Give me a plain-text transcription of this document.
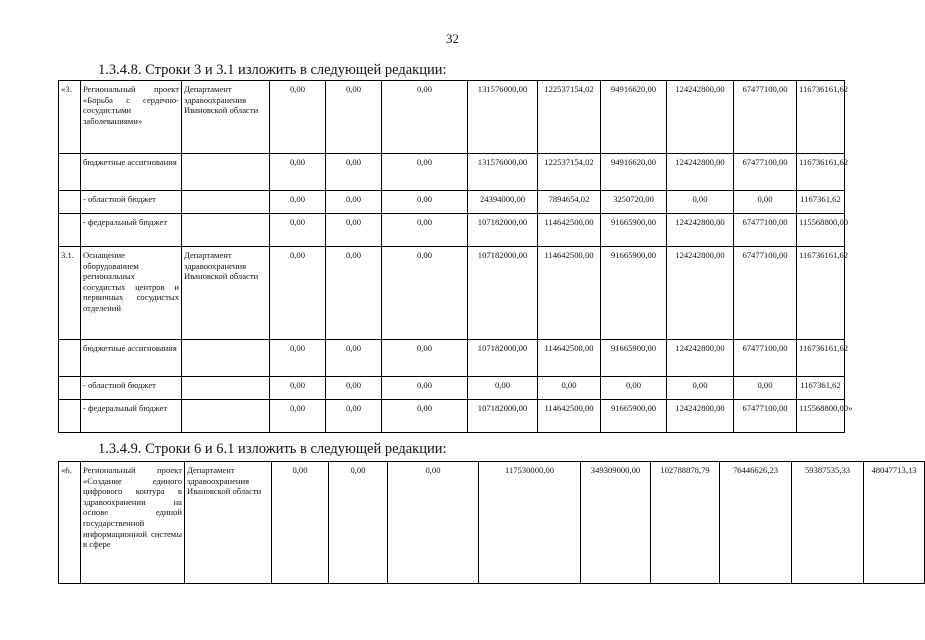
32
1.3.4.8. Строки 3 и 3.1 изложить в следующей редакции:
«3.	Региональный проект «Борьба с сердечно-сосудистыми заболеваниями»	Департамент здравоохранения Ивановской области	0,00	0,00	0,00	131576000,00	122537154,02	94916620,00	124242800,00	67477100,00	116736161,62
	бюджетные ассигнования		0,00	0,00	0,00	131576000,00	122537154,02	94916620,00	124242800,00	67477100,00	116736161,62
	- областной бюджет		0,00	0,00	0,00	24394000,00	7894654,02	3250720,00	0,00	0,00	1167361,62
	- федеральный бюджет		0,00	0,00	0,00	107182000,00	114642500,00	91665900,00	124242800,00	67477100,00	115568800,00
3.1.	Оснащение оборудованием региональных сосудистых центров и первичных сосудистых отделений	Департамент здравоохранения Ивановской области	0,00	0,00	0,00	107182000,00	114642500,00	91665900,00	124242800,00	67477100,00	116736161,62
	бюджетные ассигнования		0,00	0,00	0,00	107182000,00	114642500,00	91665900,00	124242800,00	67477100,00	116736161,62
	- областной бюджет		0,00	0,00	0,00	0,00	0,00	0,00	0,00	0,00	1167361,62
	- федеральный бюджет		0,00	0,00	0,00	107182000,00	114642500,00	91665900,00	124242800,00	67477100,00	115568800,00»
1.3.4.9. Строки 6 и 6.1 изложить в следующей редакции:
«6.	Региональный проект «Создание единого цифрового контура в здравоохранении на основе единой государственной информационной системы в сфере	Департамент здравоохранения Ивановской области	0,00	0,00	0,00	117530000,00	349309000,00	102788878,79	76446626,23	59387535,33	48047713,13
